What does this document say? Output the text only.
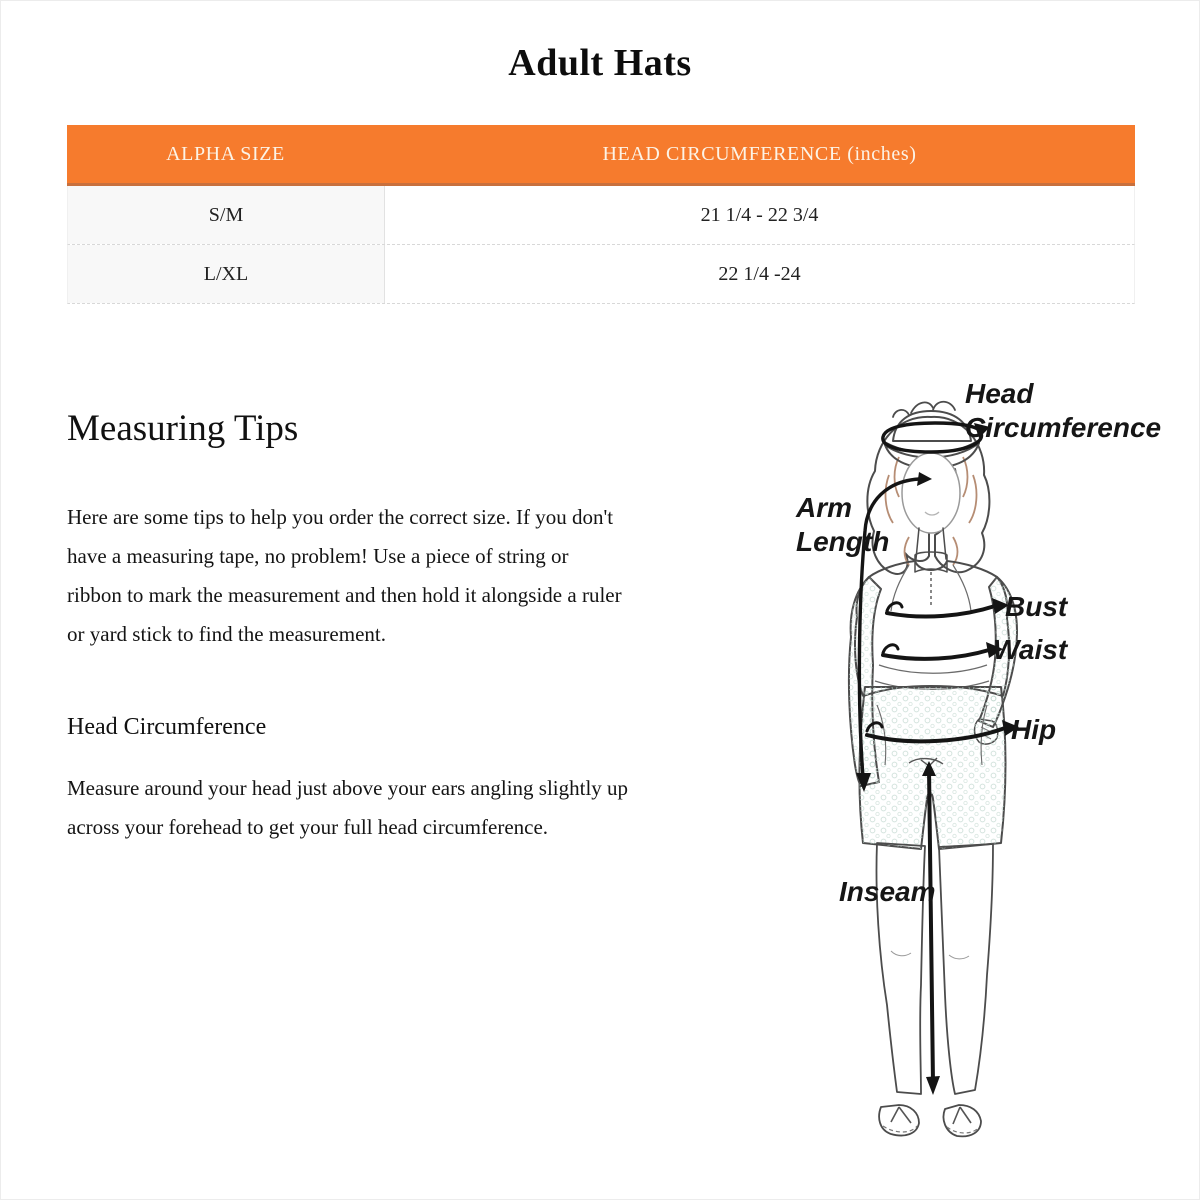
Adult Hats
ALPHA SIZE	HEAD CIRCUMFERENCE (inches)
S/M	21 1/4 - 22 3/4
L/XL	22 1/4 -24
Measuring Tips
Here are some tips to help you order the correct size. If you don't
have a measuring tape, no problem! Use a piece of string or
ribbon to mark the measurement and then hold it alongside a ruler
or yard stick to find the measurement.
Head Circumference
Measure around your head just above your ears angling slightly up
across your forehead to get your full head circumference.
Head
Circumference
Arm
Length
Bust
Waist
Hip
Inseam
